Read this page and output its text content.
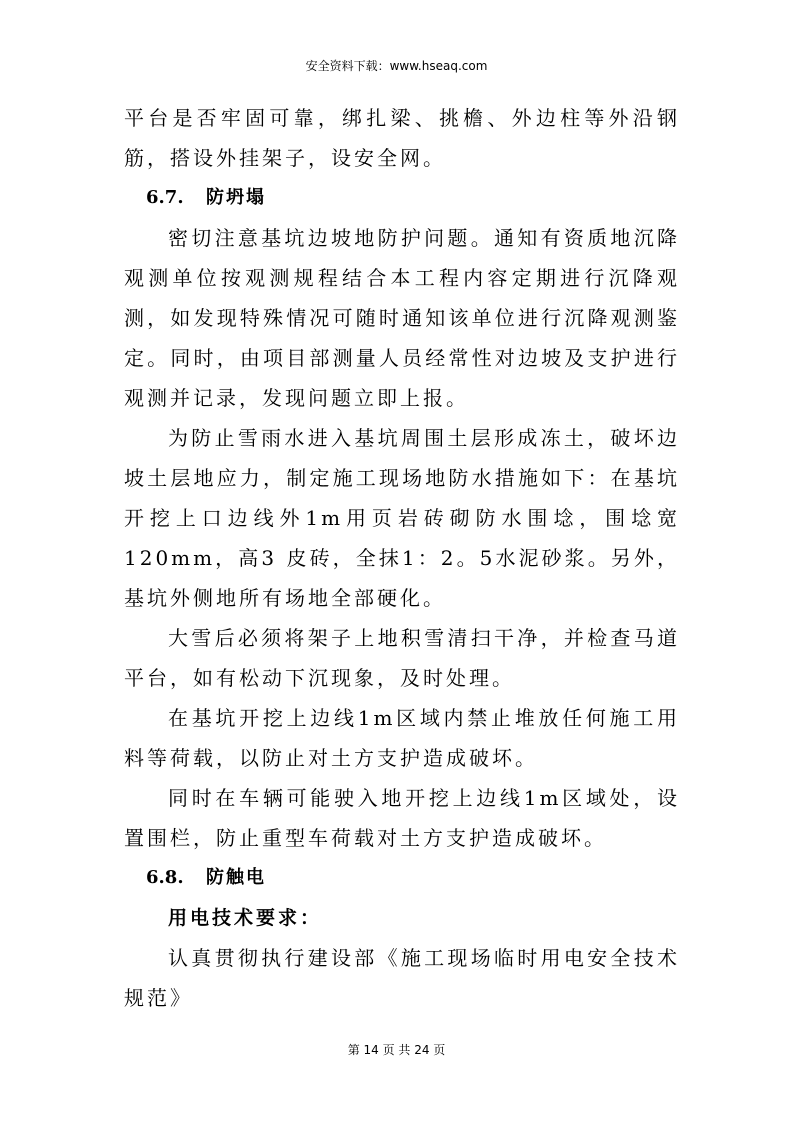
安全资料下载：www.hseaq.com

平台是否牢固可靠，绑扎梁、挑檐、外边柱等外沿钢筋，搭设外挂架子，设安全网。

6.7. 防坍塌

密切注意基坑边坡地防护问题。通知有资质地沉降观测单位按观测规程结合本工程内容定期进行沉降观测，如发现特殊情况可随时通知该单位进行沉降观测鉴定。同时，由项目部测量人员经常性对边坡及支护进行观测并记录，发现问题立即上报。

为防止雪雨水进入基坑周围土层形成冻土，破坏边坡土层地应力，制定施工现场地防水措施如下：在基坑开挖上口边线外1m用页岩砖砌防水围埝，围埝宽120mm，高3 皮砖，全抹1：2。5水泥砂浆。另外，基坑外侧地所有场地全部硬化。

大雪后必须将架子上地积雪清扫干净，并检查马道平台，如有松动下沉现象，及时处理。

在基坑开挖上边线1m区域内禁止堆放任何施工用料等荷载，以防止对土方支护造成破坏。

同时在车辆可能驶入地开挖上边线1m区域处，设置围栏，防止重型车荷载对土方支护造成破坏。

6.8. 防触电

用电技术要求：

认真贯彻执行建设部《施工现场临时用电安全技术规范》

第 14 页 共 24 页
